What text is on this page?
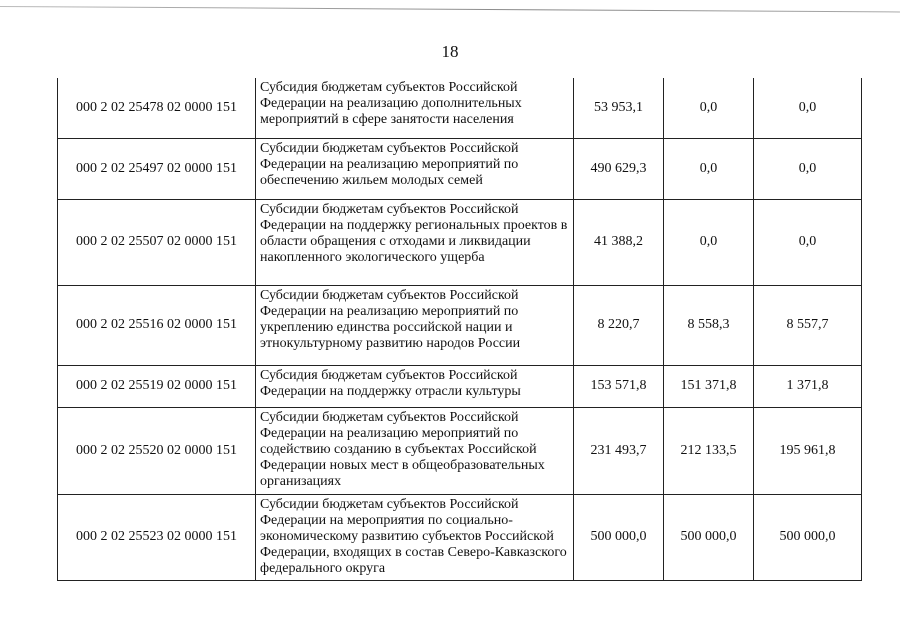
18
000 2 02 25478 02 0000 151	Субсидия бюджетам субъектов Российской Федерации на реализацию дополнительных мероприятий в сфере занятости населения	53 953,1	0,0	0,0
000 2 02 25497 02 0000 151	Субсидии бюджетам субъектов Российской Федерации на реализацию мероприятий по обеспечению жильем молодых семей	490 629,3	0,0	0,0
000 2 02 25507 02 0000 151	Субсидии бюджетам субъектов Российской Федерации на поддержку региональных проектов в области обращения с отходами и ликвидации накопленного экологического ущерба	41 388,2	0,0	0,0
000 2 02 25516 02 0000 151	Субсидии бюджетам субъектов Российской Федерации на реализацию мероприятий по укреплению единства российской нации и этнокультурному развитию народов России	8 220,7	8 558,3	8 557,7
000 2 02 25519 02 0000 151	Субсидия бюджетам субъектов Российской Федерации на поддержку отрасли культуры	153 571,8	151 371,8	1 371,8
000 2 02 25520 02 0000 151	Субсидии бюджетам субъектов Российской Федерации на реализацию мероприятий по содействию созданию в субъектах Российской Федерации новых мест в общеобразовательных организациях	231 493,7	212 133,5	195 961,8
000 2 02 25523 02 0000 151	Субсидии бюджетам субъектов Российской Федерации на мероприятия по социально-экономическому развитию субъектов Российской Федерации, входящих в состав Северо-Кавказского федерального округа	500 000,0	500 000,0	500 000,0
